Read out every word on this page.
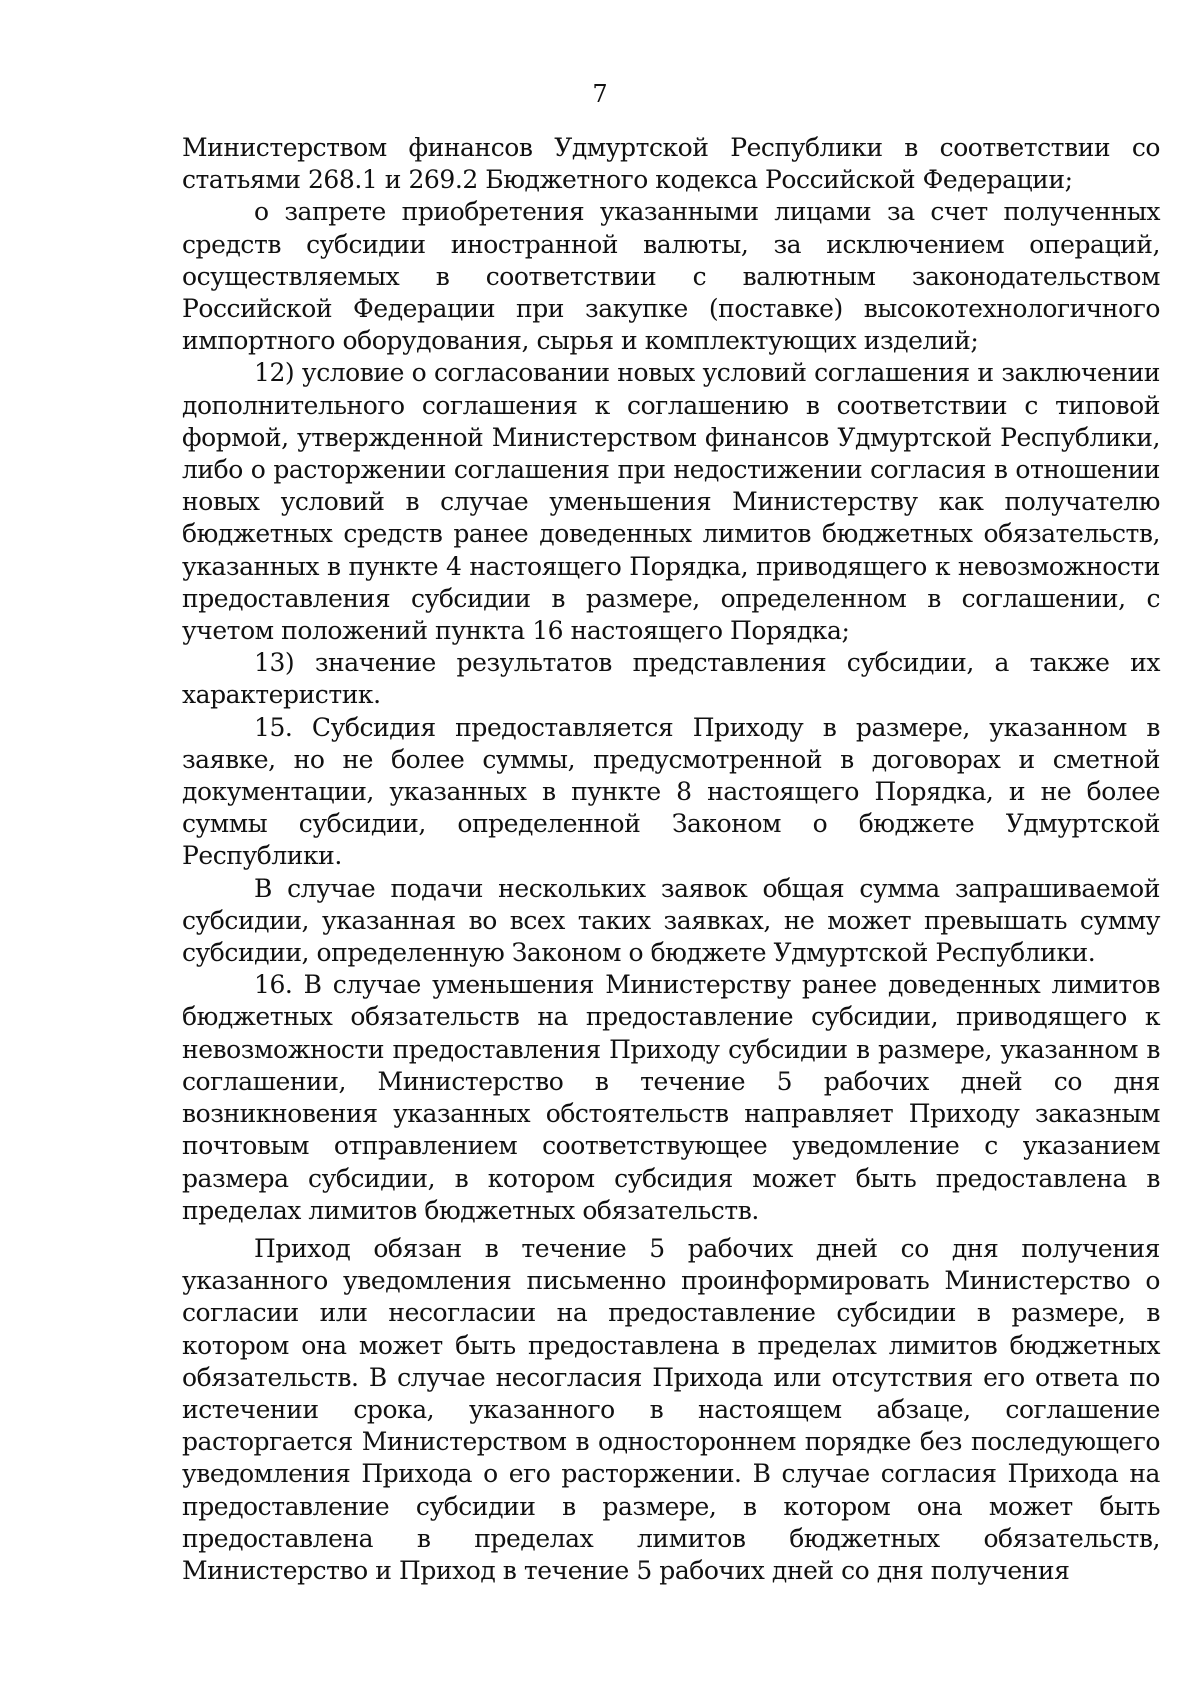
7

Министерством финансов Удмуртской Республики в соответствии со статьями 268.1 и 269.2 Бюджетного кодекса Российской Федерации;

о запрете приобретения указанными лицами за счет полученных средств субсидии иностранной валюты, за исключением операций, осуществляемых в соответствии с валютным законодательством Российской Федерации при закупке (поставке) высокотехнологичного импортного оборудования, сырья и комплектующих изделий;

12) условие о согласовании новых условий соглашения и заключении дополнительного соглашения к соглашению в соответствии с типовой формой, утвержденной Министерством финансов Удмуртской Республики, либо о расторжении соглашения при недостижении согласия в отношении новых условий в случае уменьшения Министерству как получателю бюджетных средств ранее доведенных лимитов бюджетных обязательств, указанных в пункте 4 настоящего Порядка, приводящего к невозможности предоставления субсидии в размере, определенном в соглашении, с учетом положений пункта 16 настоящего Порядка;

13) значение результатов представления субсидии, а также их характеристик.

15. Субсидия предоставляется Приходу в размере, указанном в заявке, но не более суммы, предусмотренной в договорах и сметной документации, указанных в пункте 8 настоящего Порядка, и не более суммы субсидии, определенной Законом о бюджете Удмуртской Республики.

В случае подачи нескольких заявок общая сумма запрашиваемой субсидии, указанная во всех таких заявках, не может превышать сумму субсидии, определенную Законом о бюджете Удмуртской Республики.

16. В случае уменьшения Министерству ранее доведенных лимитов бюджетных обязательств на предоставление субсидии, приводящего к невозможности предоставления Приходу субсидии в размере, указанном в соглашении, Министерство в течение 5 рабочих дней со дня возникновения указанных обстоятельств направляет Приходу заказным почтовым отправлением соответствующее уведомление с указанием размера субсидии, в котором субсидия может быть предоставлена в пределах лимитов бюджетных обязательств.

Приход обязан в течение 5 рабочих дней со дня получения указанного уведомления письменно проинформировать Министерство о согласии или несогласии на предоставление субсидии в размере, в котором она может быть предоставлена в пределах лимитов бюджетных обязательств. В случае несогласия Прихода или отсутствия его ответа по истечении срока, указанного в настоящем абзаце, соглашение расторгается Министерством в одностороннем порядке без последующего уведомления Прихода о его расторжении. В случае согласия Прихода на предоставление субсидии в размере, в котором она может быть предоставлена в пределах лимитов бюджетных обязательств, Министерство и Приход в течение 5 рабочих дней со дня получения
